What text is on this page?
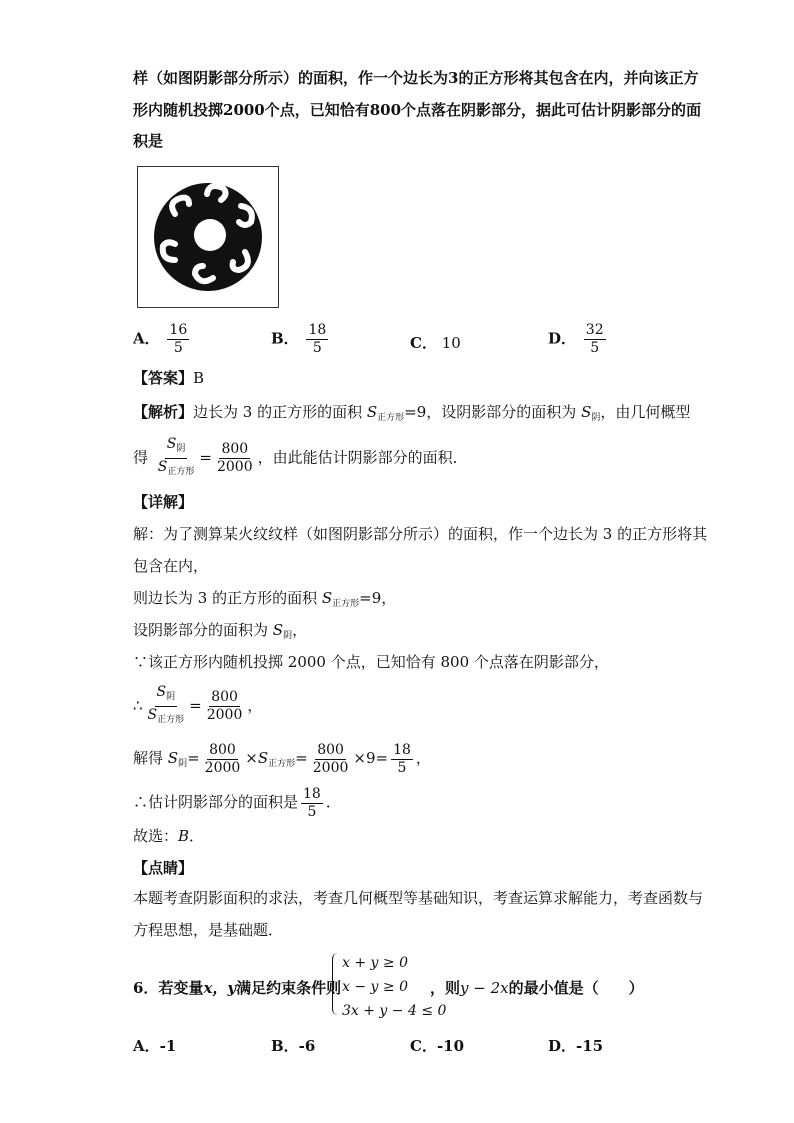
样（如图阴影部分所示）的面积，作一个边长为3的正方形将其包含在内，并向该正方
形内随机投掷2000个点，已知恰有800个点落在阴影部分，据此可估计阴影部分的面
积是
A． $\frac{16}{5}$	B． $\frac{18}{5}$	C． 10	D． $\frac{32}{5}$
【答案】B
【解析】边长为 3 的正方形的面积 $S_{正方形}=9$，设阴影部分的面积为 $S_阴$，由几何概型
得 $\frac{S_阴}{S_{正方形}} = \frac{800}{2000}$ ，由此能估计阴影部分的面积．
【详解】
解：为了测算某火纹纹样（如图阴影部分所示）的面积，作一个边长为 3 的正方形将其
包含在内，
则边长为 3 的正方形的面积 $S_{正方形}=9$，
设阴影部分的面积为 $S_阴$，
∵该正方形内随机投掷 2000 个点，已知恰有 800 个点落在阴影部分，
∴ $\frac{S_阴}{S_{正方形}} = \frac{800}{2000}$ ，
解得 $S_阴= \frac{800}{2000} \times S_{正方形}= \frac{800}{2000} \times 9= \frac{18}{5}$ ，
∴估计阴影部分的面积是 $\frac{18}{5}$ ．
故选：B．
【点睛】
本题考查阴影面积的求法，考查几何概型等基础知识，考查运算求解能力，考查函数与
方程思想，是基础题．
6．若变量x，y满足约束条件则
x + y ≥ 0
x − y ≥ 0
3x + y − 4 ≤ 0
，则y − 2x的最小值是（　　）
A．-1	B．-6	C．-10	D．-15
